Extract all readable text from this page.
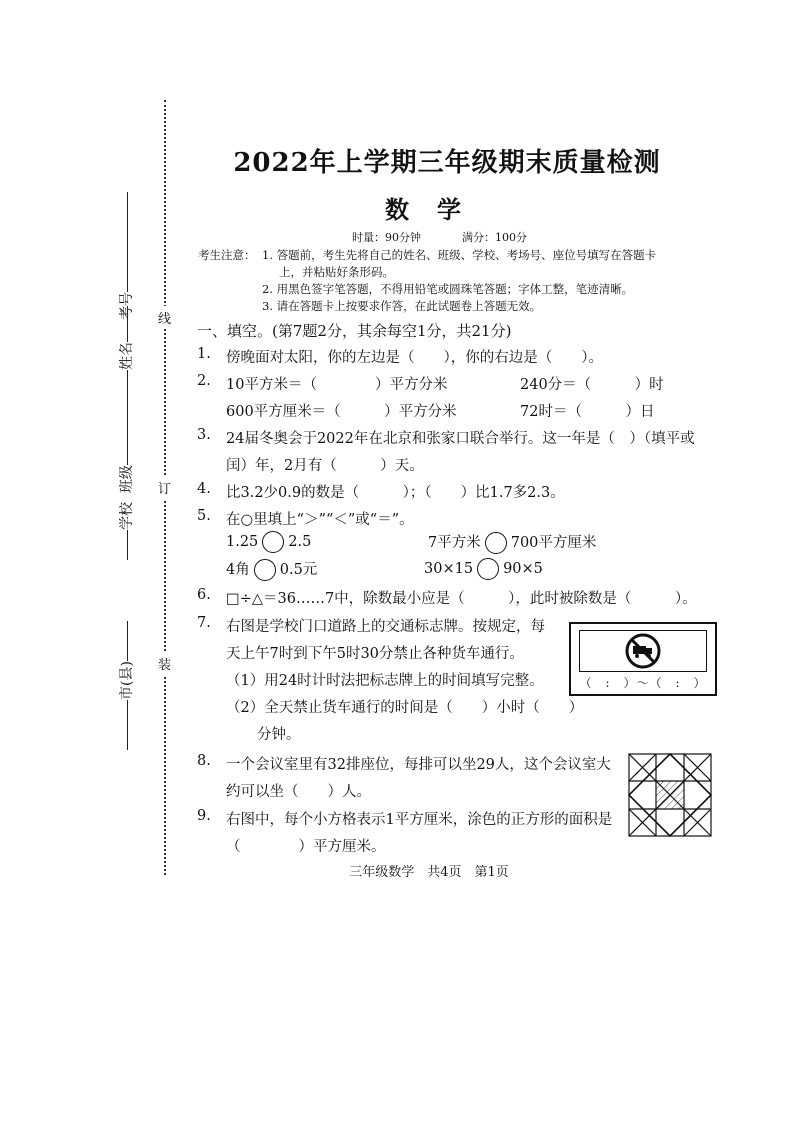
线
订
装
考号
姓名
学校  班级
市(县)
2022年上学期三年级期末质量检测
数学
时量：90分钟	满分：100分
考生注意： 1. 答题前，考生先将自己的姓名、班级、学校、考场号、座位号填写在答题卡
上，并粘贴好条形码。
2. 用黑色签字笔答题，不得用铅笔或圆珠笔答题；字体工整，笔迹清晰。
3. 请在答题卡上按要求作答，在此试题卷上答题无效。
一、填空。(第7题2分，其余每空1分，共21分)
1. 傍晚面对太阳，你的左边是（　　），你的右边是（　　）。
2. 10平方米＝（　　　　）平方分米	240分＝（　　　）时
600平方厘米＝（　　　）平方分米	72时＝（　　　）日
3. 24届冬奥会于2022年在北京和张家口联合举行。这一年是（　）（填平或
闰）年，2月有（　　　）天。
4. 比3.2少0.9的数是（　　　）；（　　）比1.7多2.3。
5. 在○里填上“＞”“＜”或“＝”。
1.25 2.5	7平方米 700平方厘米
4角 0.5元	30×15 90×5
6. □÷△＝36……7中，除数最小应是（　　　），此时被除数是（　　　）。
7. 右图是学校门口道路上的交通标志牌。按规定，每
天上午7时到下午5时30分禁止各种货车通行。
（1）用24时计时法把标志牌上的时间填写完整。
（2）全天禁止货车通行的时间是（　　）小时（　　）
分钟。
（　:　）～（　:　）
8. 一个会议室里有32排座位，每排可以坐29人，这个会议室大
约可以坐（　　）人。
9. 右图中，每个小方格表示1平方厘米，涂色的正方形的面积是
（　　　　）平方厘米。
三年级数学　共4页　第1页
